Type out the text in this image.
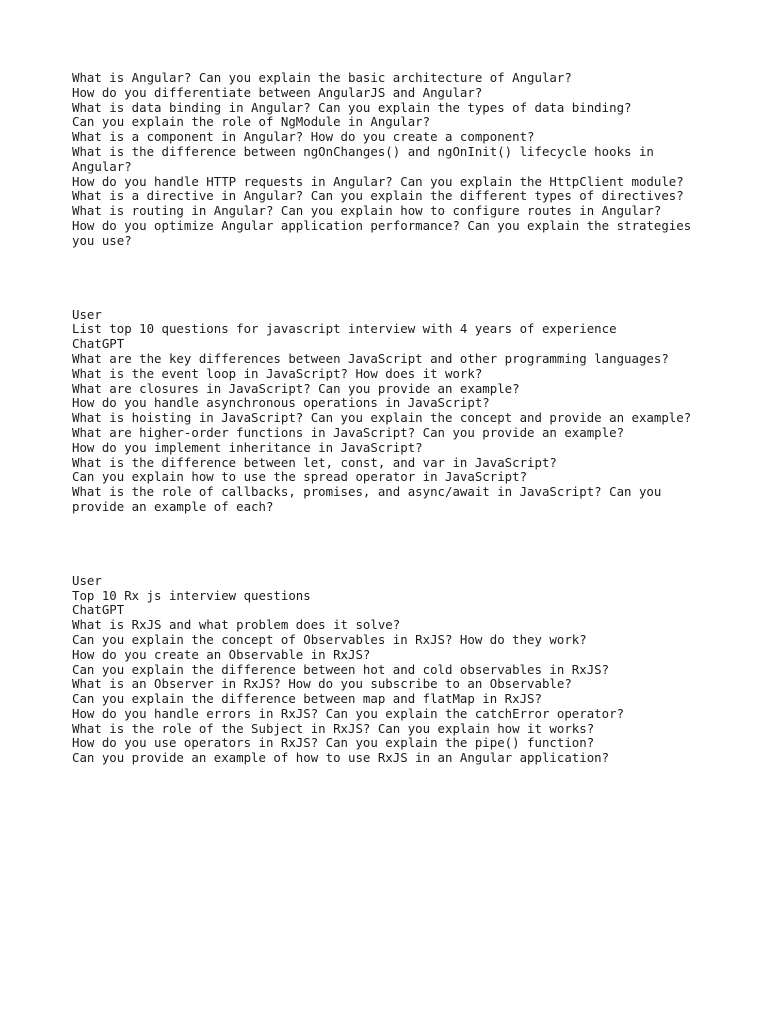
What is Angular? Can you explain the basic architecture of Angular?
How do you differentiate between AngularJS and Angular?
What is data binding in Angular? Can you explain the types of data binding?
Can you explain the role of NgModule in Angular?
What is a component in Angular? How do you create a component?
What is the difference between ngOnChanges() and ngOnInit() lifecycle hooks in
Angular?
How do you handle HTTP requests in Angular? Can you explain the HttpClient module?
What is a directive in Angular? Can you explain the different types of directives?
What is routing in Angular? Can you explain how to configure routes in Angular?
How do you optimize Angular application performance? Can you explain the strategies
you use?
User
List top 10 questions for javascript interview with 4 years of experience
ChatGPT
What are the key differences between JavaScript and other programming languages?
What is the event loop in JavaScript? How does it work?
What are closures in JavaScript? Can you provide an example?
How do you handle asynchronous operations in JavaScript?
What is hoisting in JavaScript? Can you explain the concept and provide an example?
What are higher-order functions in JavaScript? Can you provide an example?
How do you implement inheritance in JavaScript?
What is the difference between let, const, and var in JavaScript?
Can you explain how to use the spread operator in JavaScript?
What is the role of callbacks, promises, and async/await in JavaScript? Can you
provide an example of each?
User
Top 10 Rx js interview questions
ChatGPT
What is RxJS and what problem does it solve?
Can you explain the concept of Observables in RxJS? How do they work?
How do you create an Observable in RxJS?
Can you explain the difference between hot and cold observables in RxJS?
What is an Observer in RxJS? How do you subscribe to an Observable?
Can you explain the difference between map and flatMap in RxJS?
How do you handle errors in RxJS? Can you explain the catchError operator?
What is the role of the Subject in RxJS? Can you explain how it works?
How do you use operators in RxJS? Can you explain the pipe() function?
Can you provide an example of how to use RxJS in an Angular application?
